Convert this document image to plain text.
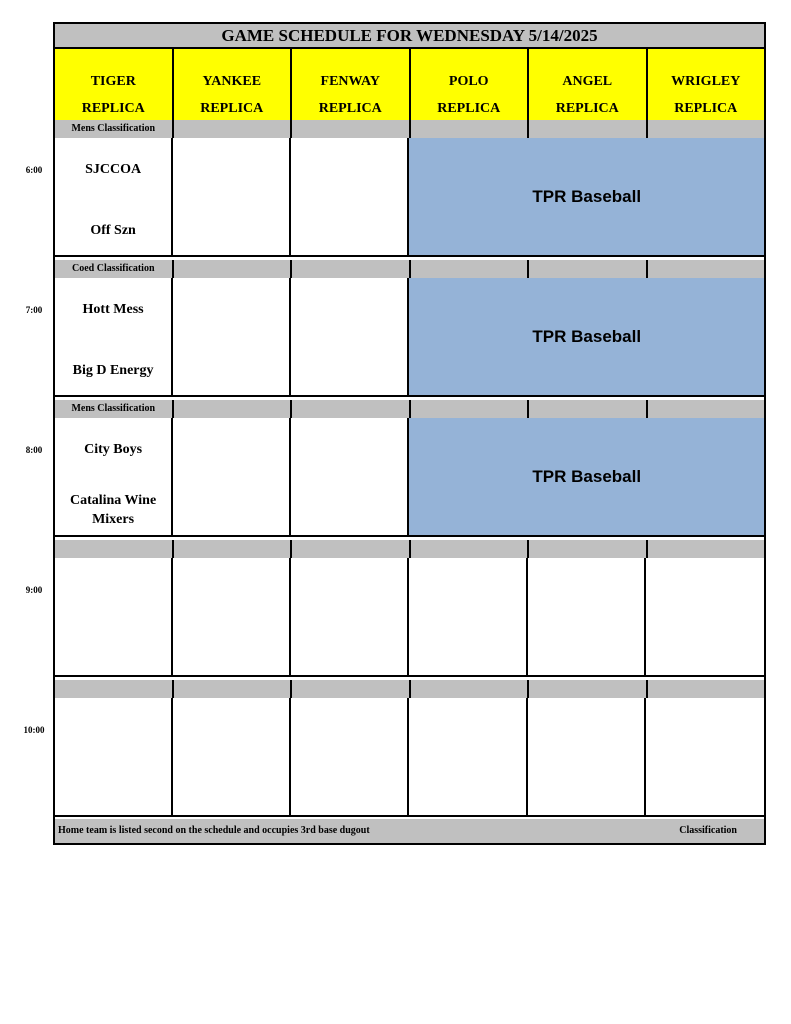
6:00
7:00
8:00
9:00
10:00
GAME SCHEDULE FOR WEDNESDAY 5/14/2025
TIGER
REPLICA
YANKEE
REPLICA
FENWAY
REPLICA
POLO
REPLICA
ANGEL
REPLICA
WRIGLEY
REPLICA
Mens Classification
SJCCOA
Off Szn
TPR Baseball
Coed Classification
Hott Mess
Big D Energy
TPR Baseball
Mens Classification
City Boys
Catalina Wine Mixers
TPR Baseball
Home team is listed second on the schedule and occupies 3rd base dugout	Classification
